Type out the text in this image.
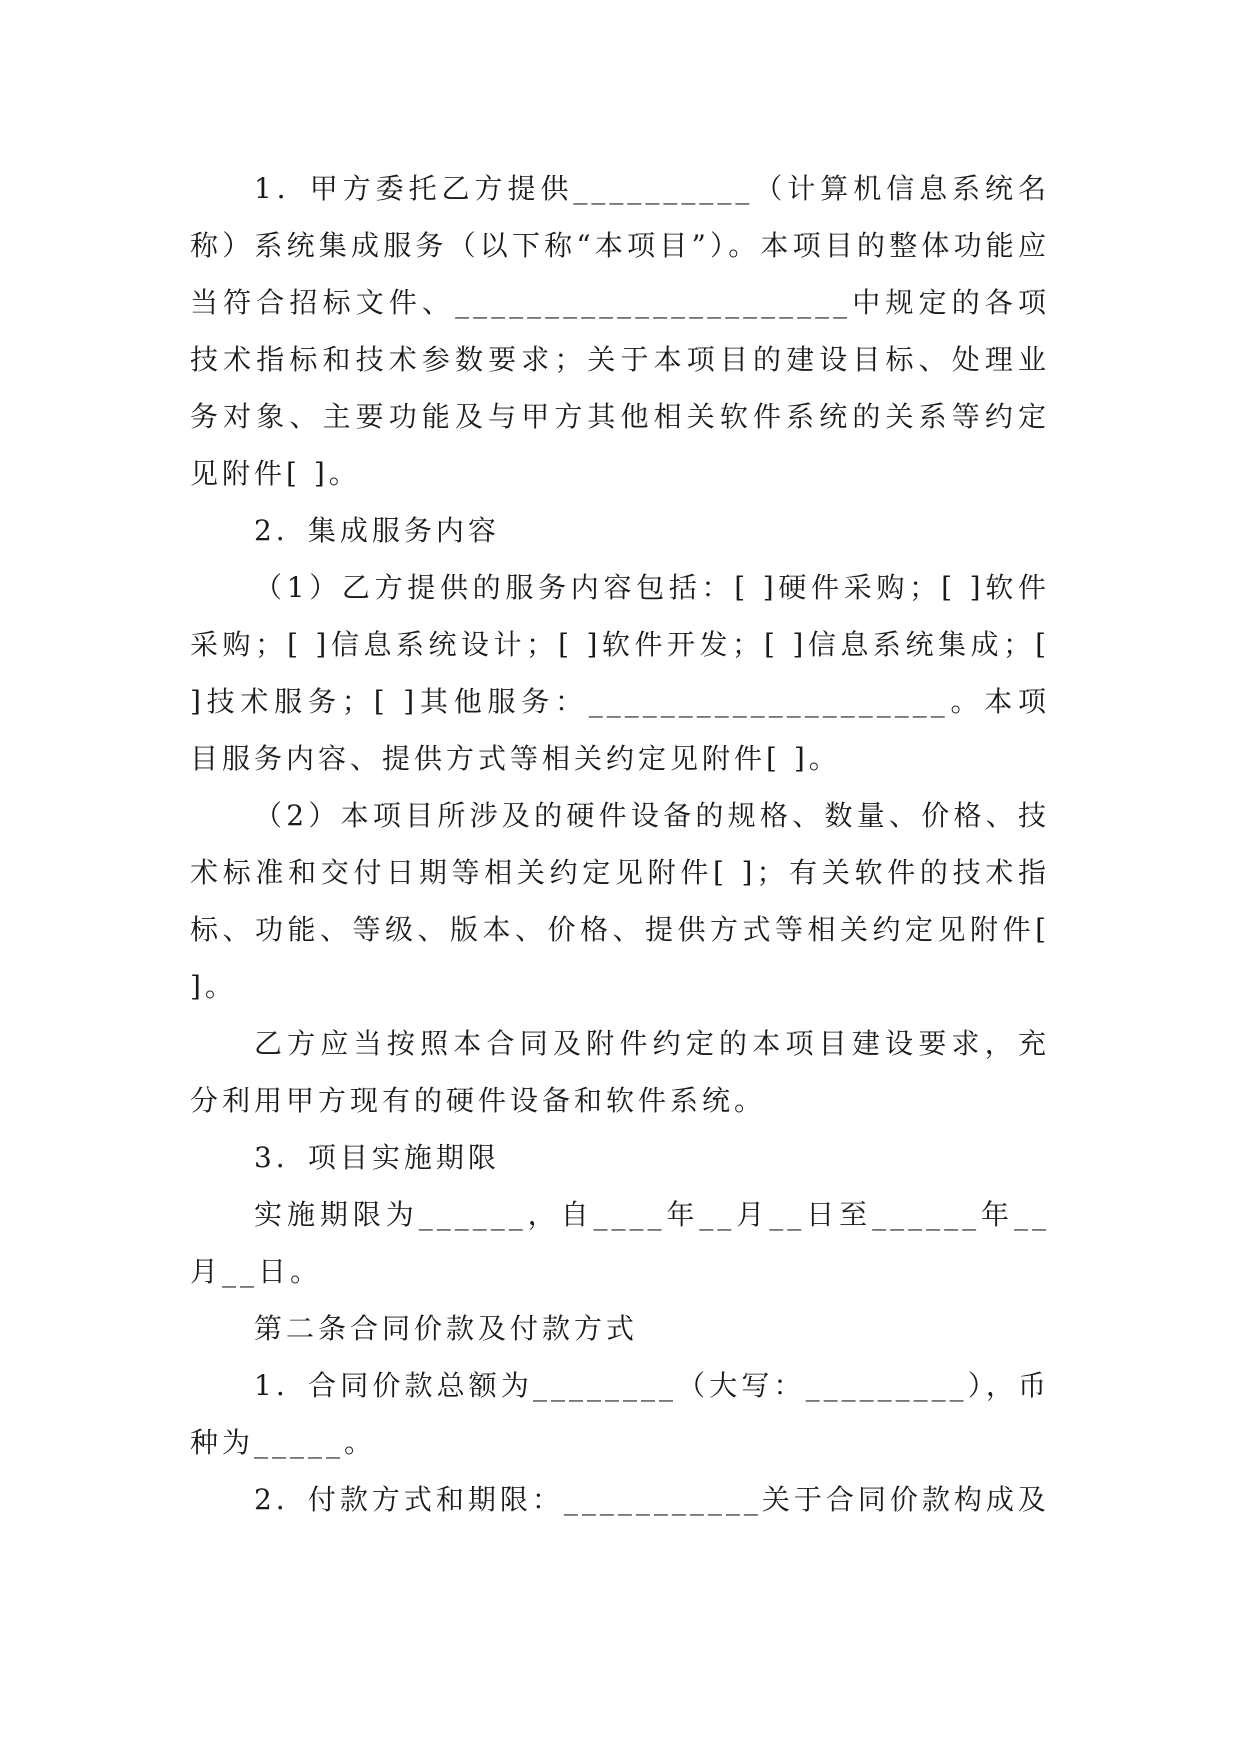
1．甲方委托乙方提供__________（计算机信息系统名称）系统集成服务（以下称“本项目”）。本项目的整体功能应当符合招标文件、______________________中规定的各项技术指标和技术参数要求；关于本项目的建设目标、处理业务对象、主要功能及与甲方其他相关软件系统的关系等约定见附件[ ]。

2．集成服务内容

（1）乙方提供的服务内容包括：[ ]硬件采购；[ ]软件采购；[ ]信息系统设计；[ ]软件开发；[ ]信息系统集成；[ ]技术服务；[ ]其他服务：____________________。本项目服务内容、提供方式等相关约定见附件[ ]。

（2）本项目所涉及的硬件设备的规格、数量、价格、技术标准和交付日期等相关约定见附件[ ]；有关软件的技术指标、功能、等级、版本、价格、提供方式等相关约定见附件[ ]。

乙方应当按照本合同及附件约定的本项目建设要求，充分利用甲方现有的硬件设备和软件系统。

3．项目实施期限

实施期限为______，自____年__月__日至______年__月__日。

第二条合同价款及付款方式

1．合同价款总额为________（大写：_________），币种为_____。

2．付款方式和期限：___________关于合同价款构成及
